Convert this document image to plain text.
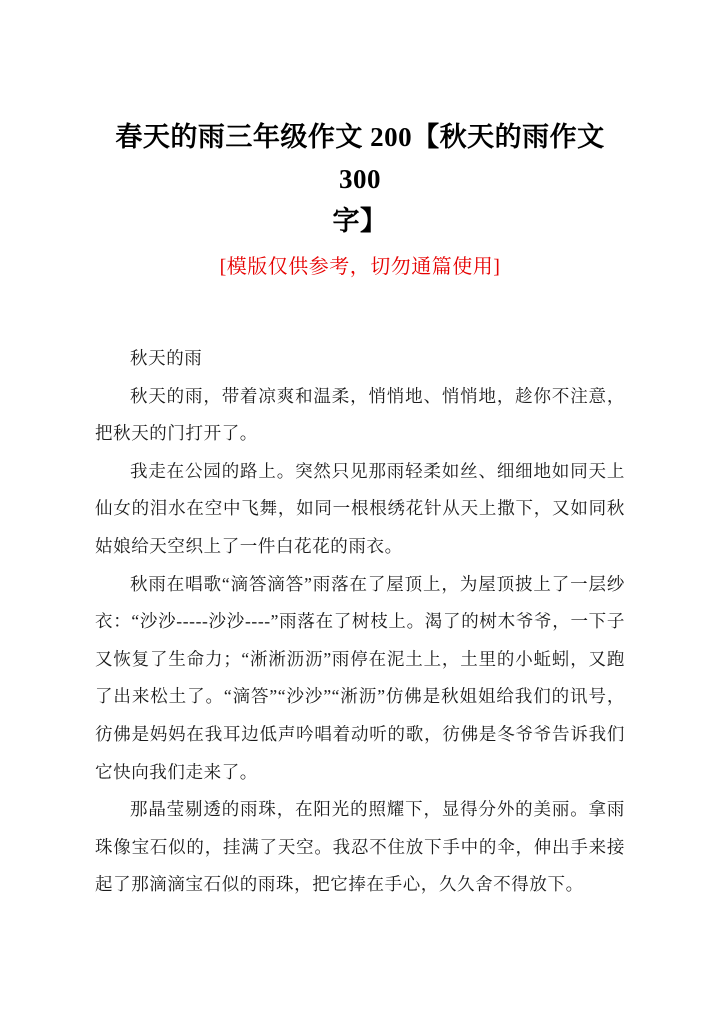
春天的雨三年级作文 200【秋天的雨作文 300
字】
[模版仅供参考，切勿通篇使用]

秋天的雨

秋天的雨，带着凉爽和温柔，悄悄地、悄悄地，趁你不注意，把秋天的门打开了。

我走在公园的路上。突然只见那雨轻柔如丝、细细地如同天上仙女的泪水在空中飞舞，如同一根根绣花针从天上撒下，又如同秋姑娘给天空织上了一件白花花的雨衣。

秋雨在唱歌“滴答滴答”雨落在了屋顶上，为屋顶披上了一层纱衣：“沙沙-----沙沙----”雨落在了树枝上。渴了的树木爷爷，一下子又恢复了生命力；“淅淅沥沥”雨停在泥土上，土里的小蚯蚓，又跑了出来松土了。“滴答”“沙沙”“淅沥”仿佛是秋姐姐给我们的讯号，彷佛是妈妈在我耳边低声吟唱着动听的歌，彷佛是冬爷爷告诉我们它快向我们走来了。

那晶莹剔透的雨珠，在阳光的照耀下，显得分外的美丽。拿雨珠像宝石似的，挂满了天空。我忍不住放下手中的伞，伸出手来接起了那滴滴宝石似的雨珠，把它捧在手心，久久舍不得放下。
